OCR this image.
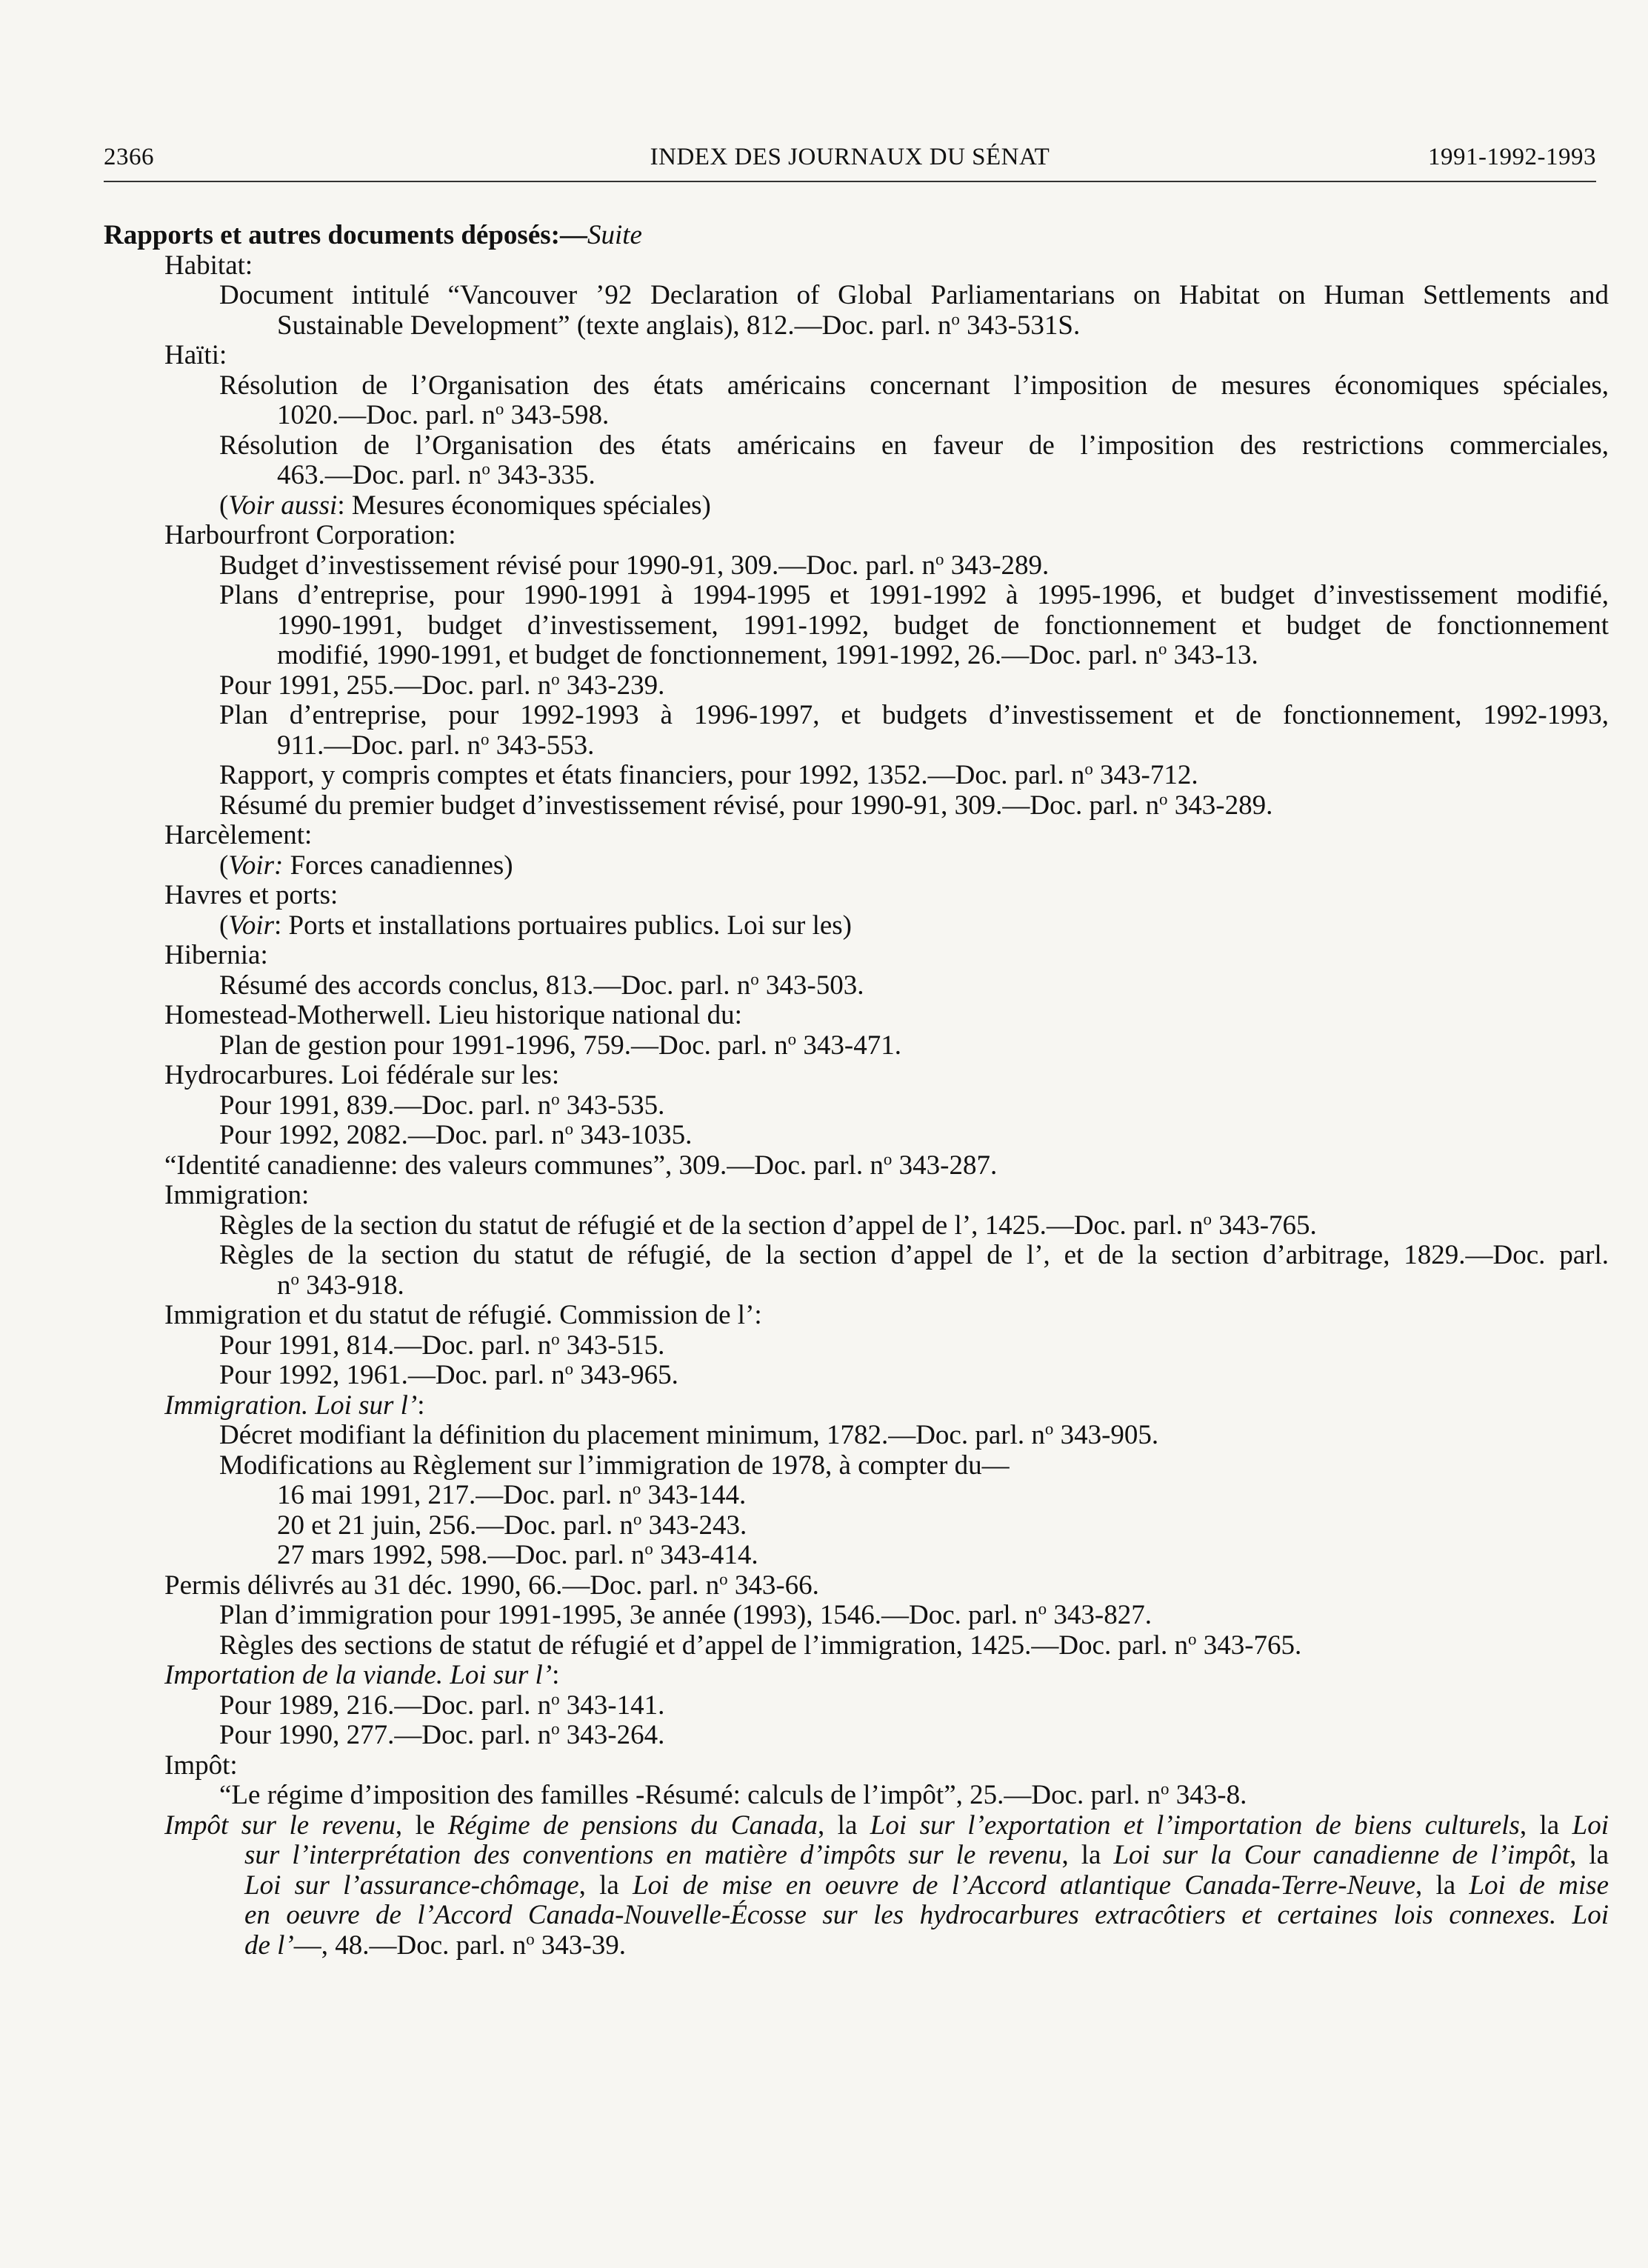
2366	INDEX DES JOURNAUX DU SÉNAT	1991-1992-1993
Rapports et autres documents déposés:—Suite
Habitat:
Document intitulé “Vancouver ’92 Declaration of Global Parliamentarians on Habitat on Human Settlements and
Sustainable Development” (texte anglais), 812.—Doc. parl. $n^o$ 343-531S.
Haïti:
Résolution de l’Organisation des états américains concernant l’imposition de mesures économiques spéciales,
1020.—Doc. parl. $n^o$ 343-598.
Résolution de l’Organisation des états américains en faveur de l’imposition des restrictions commerciales,
463.—Doc. parl. $n^o$ 343-335.
(Voir aussi: Mesures économiques spéciales)
Harbourfront Corporation:
Budget d’investissement révisé pour 1990-91, 309.—Doc. parl. $n^o$ 343-289.
Plans d’entreprise, pour 1990-1991 à 1994-1995 et 1991-1992 à 1995-1996, et budget d’investissement modifié,
1990-1991, budget d’investissement, 1991-1992, budget de fonctionnement et budget de fonctionnement
modifié, 1990-1991, et budget de fonctionnement, 1991-1992, 26.—Doc. parl. $n^o$ 343-13.
Pour 1991, 255.—Doc. parl. $n^o$ 343-239.
Plan d’entreprise, pour 1992-1993 à 1996-1997, et budgets d’investissement et de fonctionnement, 1992-1993,
911.—Doc. parl. $n^o$ 343-553.
Rapport, y compris comptes et états financiers, pour 1992, 1352.—Doc. parl. $n^o$ 343-712.
Résumé du premier budget d’investissement révisé, pour 1990-91, 309.—Doc. parl. $n^o$ 343-289.
Harcèlement:
(Voir: Forces canadiennes)
Havres et ports:
(Voir: Ports et installations portuaires publics. Loi sur les)
Hibernia:
Résumé des accords conclus, 813.—Doc. parl. $n^o$ 343-503.
Homestead-Motherwell. Lieu historique national du:
Plan de gestion pour 1991-1996, 759.—Doc. parl. $n^o$ 343-471.
Hydrocarbures. Loi fédérale sur les:
Pour 1991, 839.—Doc. parl. $n^o$ 343-535.
Pour 1992, 2082.—Doc. parl. $n^o$ 343-1035.
“Identité canadienne: des valeurs communes”, 309.—Doc. parl. $n^o$ 343-287.
Immigration:
Règles de la section du statut de réfugié et de la section d’appel de l’, 1425.—Doc. parl. $n^o$ 343-765.
Règles de la section du statut de réfugié, de la section d’appel de l’, et de la section d’arbitrage, 1829.—Doc. parl.
$n^o$ 343-918.
Immigration et du statut de réfugié. Commission de l’:
Pour 1991, 814.—Doc. parl. $n^o$ 343-515.
Pour 1992, 1961.—Doc. parl. $n^o$ 343-965.
Immigration. Loi sur l’:
Décret modifiant la définition du placement minimum, 1782.—Doc. parl. $n^o$ 343-905.
Modifications au Règlement sur l’immigration de 1978, à compter du—
16 mai 1991, 217.—Doc. parl. $n^o$ 343-144.
20 et 21 juin, 256.—Doc. parl. $n^o$ 343-243.
27 mars 1992, 598.—Doc. parl. $n^o$ 343-414.
Permis délivrés au 31 déc. 1990, 66.—Doc. parl. $n^o$ 343-66.
Plan d’immigration pour 1991-1995, 3e année (1993), 1546.—Doc. parl. $n^o$ 343-827.
Règles des sections de statut de réfugié et d’appel de l’immigration, 1425.—Doc. parl. $n^o$ 343-765.
Importation de la viande. Loi sur l’:
Pour 1989, 216.—Doc. parl. $n^o$ 343-141.
Pour 1990, 277.—Doc. parl. $n^o$ 343-264.
Impôt:
“Le régime d’imposition des familles -Résumé: calculs de l’impôt”, 25.—Doc. parl. $n^o$ 343-8.
Impôt sur le revenu, le Régime de pensions du Canada, la Loi sur l’exportation et l’importation de biens culturels, la Loi
sur l’interprétation des conventions en matière d’impôts sur le revenu, la Loi sur la Cour canadienne de l’impôt, la
Loi sur l’assurance-chômage, la Loi de mise en oeuvre de l’Accord atlantique Canada-Terre-Neuve, la Loi de mise
en oeuvre de l’Accord Canada-Nouvelle-Écosse sur les hydrocarbures extracôtiers et certaines lois connexes. Loi
de l’—, 48.—Doc. parl. $n^o$ 343-39.
